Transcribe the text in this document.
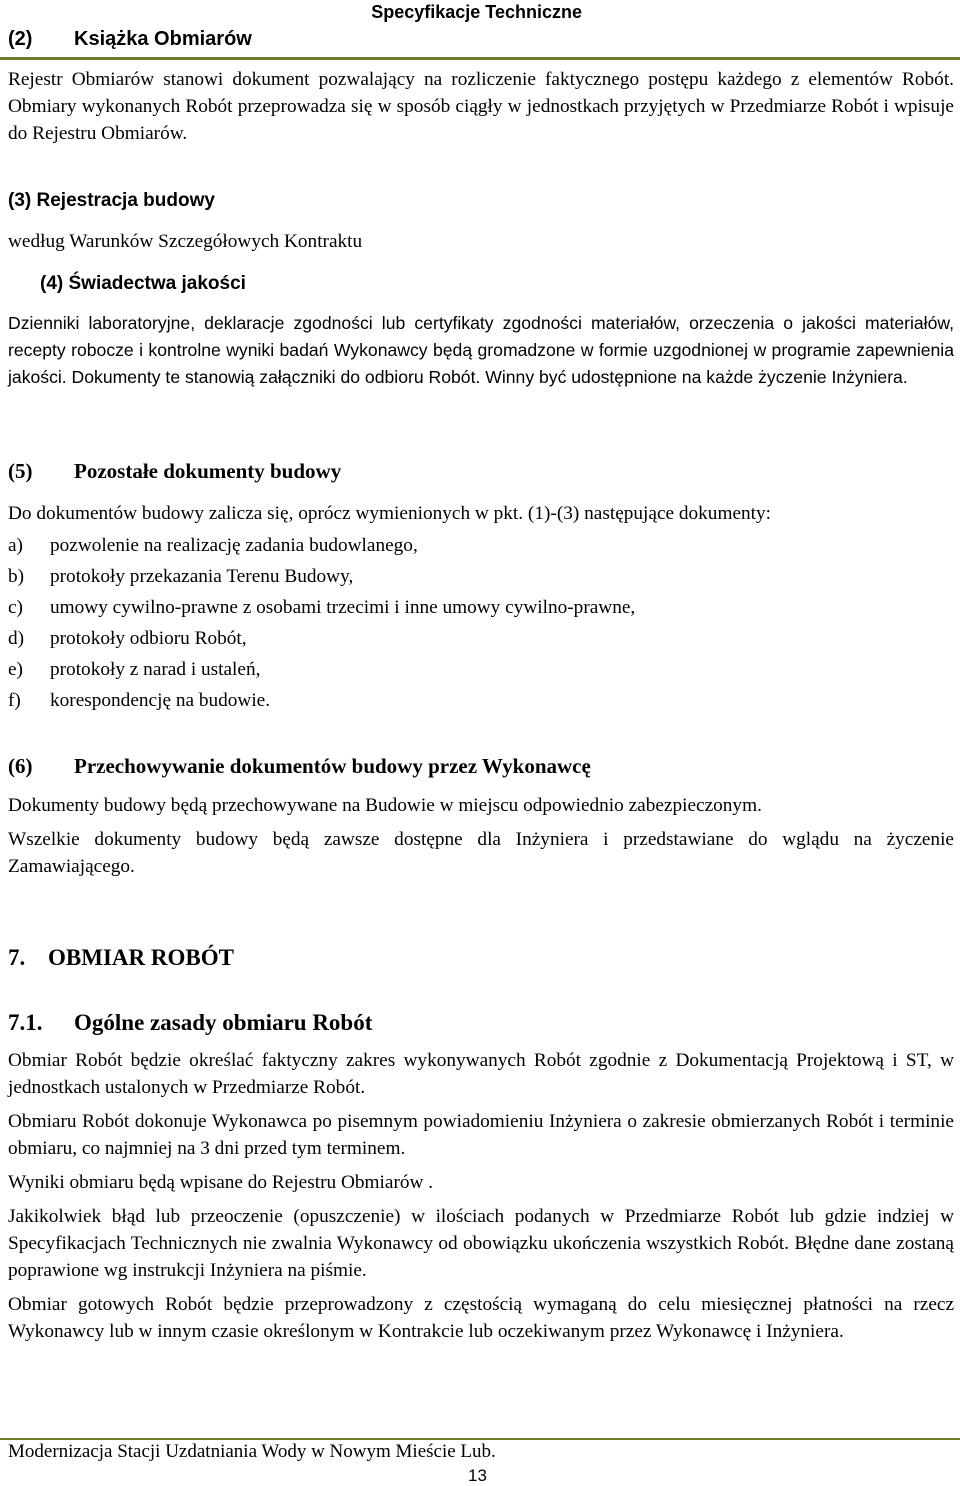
Specyfikacje Techniczne
(2) Książka Obmiarów

Rejestr Obmiarów stanowi dokument pozwalający na rozliczenie faktycznego postępu każdego z elementów Robót. Obmiary wykonanych Robót przeprowadza się w sposób ciągły w jednostkach przyjętych w Przedmiarze Robót i wpisuje do Rejestru Obmiarów.

(3) Rejestracja budowy
według Warunków Szczegółowych Kontraktu
(4) Świadectwa jakości

Dzienniki laboratoryjne, deklaracje zgodności lub certyfikaty zgodności materiałów, orzeczenia o jakości materiałów, recepty robocze i kontrolne wyniki badań Wykonawcy będą gromadzone w formie uzgodnionej w programie zapewnienia jakości. Dokumenty te stanowią załączniki do odbioru Robót. Winny być udostępnione na każde życzenie Inżyniera.

(5) Pozostałe dokumenty budowy
Do dokumentów budowy zalicza się, oprócz wymienionych w pkt. (1)-(3) następujące dokumenty:
a) pozwolenie na realizację zadania budowlanego,
b) protokoły przekazania Terenu Budowy,
c) umowy cywilno-prawne z osobami trzecimi i inne umowy cywilno-prawne,
d) protokoły odbioru Robót,
e) protokoły z narad i ustaleń,
f) korespondencję na budowie.
(6) Przechowywanie dokumentów budowy przez Wykonawcę
Dokumenty budowy będą przechowywane na Budowie w miejscu odpowiednio zabezpieczonym.

Wszelkie dokumenty budowy będą zawsze dostępne dla Inżyniera i przedstawiane do wglądu na życzenie Zamawiającego.

7. OBMIAR ROBÓT
7.1. Ogólne zasady obmiaru Robót

Obmiar Robót będzie określać faktyczny zakres wykonywanych Robót zgodnie z Dokumentacją Projektową i ST, w jednostkach ustalonych w Przedmiarze Robót.

Obmiaru Robót dokonuje Wykonawca po pisemnym powiadomieniu Inżyniera o zakresie obmierzanych Robót i terminie obmiaru, co najmniej na 3 dni przed tym terminem.

Wyniki obmiaru będą wpisane do Rejestru Obmiarów .

Jakikolwiek błąd lub przeoczenie (opuszczenie) w ilościach podanych w Przedmiarze Robót lub gdzie indziej w Specyfikacjach Technicznych nie zwalnia Wykonawcy od obowiązku ukończenia wszystkich Robót. Błędne dane zostaną poprawione wg instrukcji Inżyniera na piśmie.

Obmiar gotowych Robót będzie przeprowadzony z częstością wymaganą do celu miesięcznej płatności na rzecz Wykonawcy lub w innym czasie określonym w Kontrakcie lub oczekiwanym przez Wykonawcę i Inżyniera.

Modernizacja Stacji Uzdatniania Wody w Nowym Mieście Lub.
13
